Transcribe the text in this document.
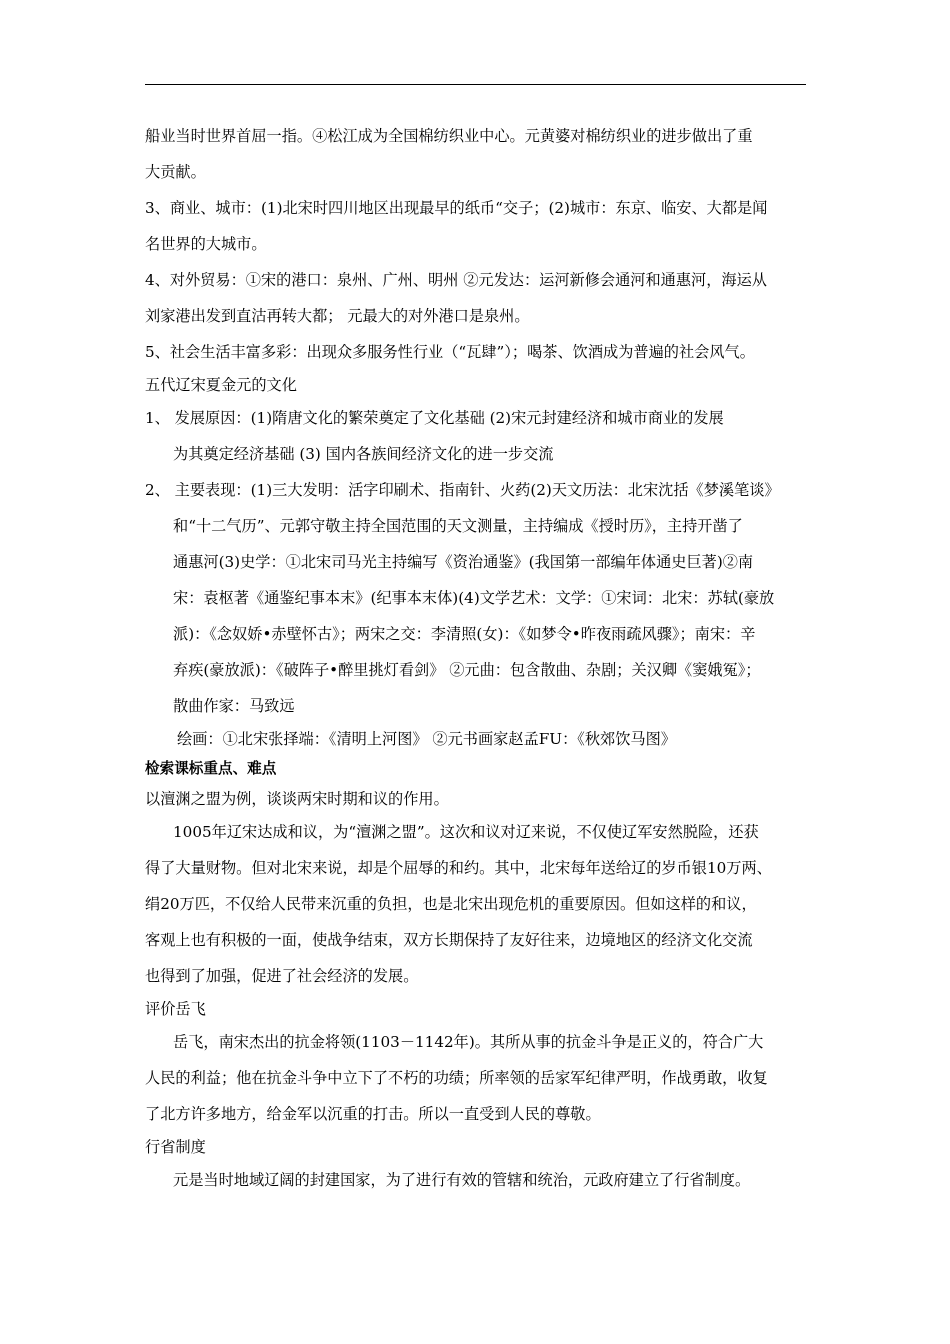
船业当时世界首屈一指。④松江成为全国棉纺织业中心。元黄婆对棉纺织业的进步做出了重
大贡献。
3、商业、城市：(1)北宋时四川地区出现最早的纸币“交子；(2)城市：东京、临安、大都是闻
名世界的大城市。
4、对外贸易：①宋的港口：泉州、广州、明州 ②元发达：运河新修会通河和通惠河，海运从
刘家港出发到直沽再转大都； 元最大的对外港口是泉州。
5、社会生活丰富多彩：出现众多服务性行业（“瓦肆”）；喝茶、饮酒成为普遍的社会风气。
五代辽宋夏金元的文化
1、 发展原因：(1)隋唐文化的繁荣奠定了文化基础 (2)宋元封建经济和城市商业的发展
为其奠定经济基础 (3) 国内各族间经济文化的进一步交流
2、 主要表现：(1)三大发明：活字印刷术、指南针、火药(2)天文历法：北宋沈括《梦溪笔谈》
和“十二气历”、元郭守敬主持全国范围的天文测量，主持编成《授时历》，主持开凿了
通惠河(3)史学：①北宋司马光主持编写《资治通鉴》(我国第一部编年体通史巨著)②南
宋：袁枢著《通鉴纪事本末》(纪事本末体)(4)文学艺术：文学：①宋词：北宋：苏轼(豪放
派)：《念奴娇•赤壁怀古》；两宋之交：李清照(女)：《如梦令•昨夜雨疏风骤》；南宋：辛
弃疾(豪放派)：《破阵子•醉里挑灯看剑》 ②元曲：包含散曲、杂剧；关汉卿《窦娥冤》；
散曲作家：马致远
绘画：①北宋张择端：《清明上河图》 ②元书画家赵孟FU：《秋郊饮马图》
检索课标重点、难点
以澶渊之盟为例，谈谈两宋时期和议的作用。
1005年辽宋达成和议，为“澶渊之盟”。这次和议对辽来说，不仅使辽军安然脱险，还获
得了大量财物。但对北宋来说，却是个屈辱的和约。其中，北宋每年送给辽的岁币银10万两、
绢20万匹，不仅给人民带来沉重的负担，也是北宋出现危机的重要原因。但如这样的和议，
客观上也有积极的一面，使战争结束，双方长期保持了友好往来，边境地区的经济文化交流
也得到了加强，促进了社会经济的发展。
评价岳飞
岳飞，南宋杰出的抗金将领(1103－1142年)。其所从事的抗金斗争是正义的，符合广大
人民的利益；他在抗金斗争中立下了不朽的功绩；所率领的岳家军纪律严明，作战勇敢，收复
了北方许多地方，给金军以沉重的打击。所以一直受到人民的尊敬。
行省制度
元是当时地域辽阔的封建国家，为了进行有效的管辖和统治，元政府建立了行省制度。
